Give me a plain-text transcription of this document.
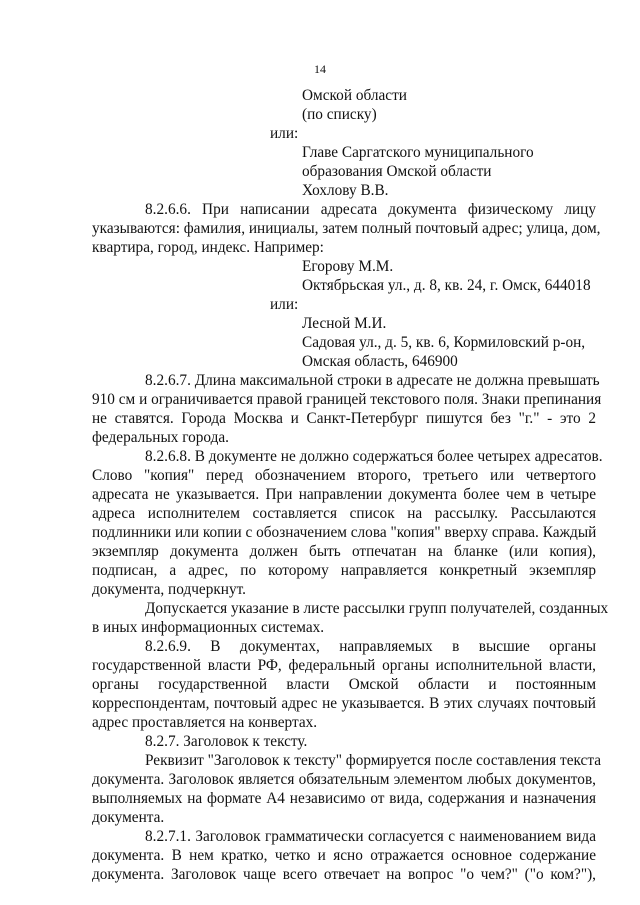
14
Омской области
(по списку)
или:
Главе Саргатского муниципального
образования Омской области
Хохлову В.В.
8.2.6.6. При написании адресата документа физическому лицу
указываются: фамилия, инициалы, затем полный почтовый адрес; улица, дом,
квартира, город, индекс. Например:
Егорову М.М.
Октябрьская ул., д. 8, кв. 24, г. Омск, 644018
или:
Лесной М.И.
Садовая ул., д. 5, кв. 6, Кормиловский р-он,
Омская область, 646900
8.2.6.7. Длина максимальной строки в адресате не должна превышать
910 см и ограничивается правой границей текстового поля. Знаки препинания
не ставятся. Города Москва и Санкт-Петербург пишутся без "г." - это 2
федеральных города.
8.2.6.8. В документе не должно содержаться более четырех адресатов.
Слово "копия" перед обозначением второго, третьего или четвертого
адресата не указывается. При направлении документа более чем в четыре
адреса исполнителем составляется список на рассылку. Рассылаются
подлинники или копии с обозначением слова "копия" вверху справа. Каждый
экземпляр документа должен быть отпечатан на бланке (или копия),
подписан, а адрес, по которому направляется конкретный экземпляр
документа, подчеркнут.
Допускается указание в листе рассылки групп получателей, созданных
в иных информационных системах.
8.2.6.9. В документах, направляемых в высшие органы
государственной власти РФ, федеральный органы исполнительной власти,
органы государственной власти Омской области и постоянным
корреспондентам, почтовый адрес не указывается. В этих случаях почтовый
адрес проставляется на конвертах.
8.2.7. Заголовок к тексту.
Реквизит "Заголовок к тексту" формируется после составления текста
документа. Заголовок является обязательным элементом любых документов,
выполняемых на формате А4 независимо от вида, содержания и назначения
документа.
8.2.7.1. Заголовок грамматически согласуется с наименованием вида
документа. В нем кратко, четко и ясно отражается основное содержание
документа. Заголовок чаще всего отвечает на вопрос "о чем?" ("о ком?"),
